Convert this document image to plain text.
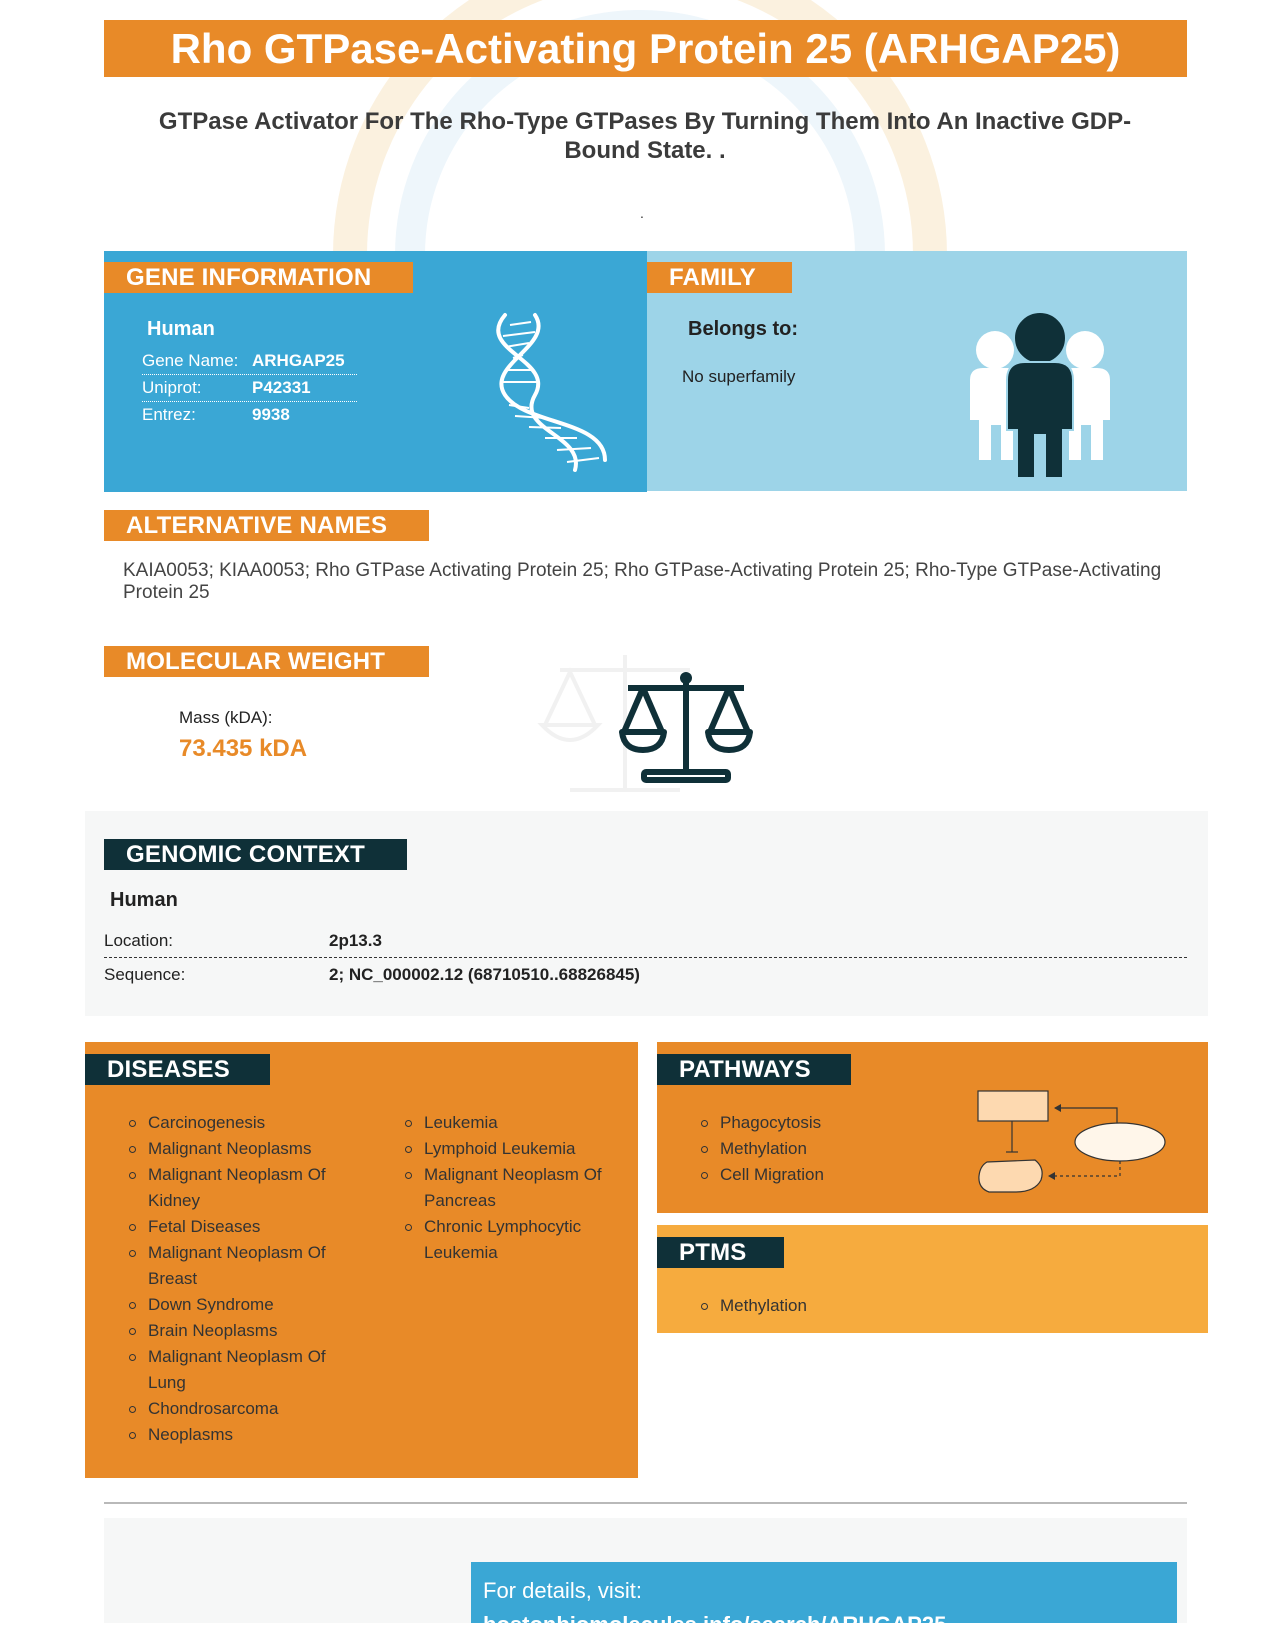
Rho GTPase-Activating Protein 25 (ARHGAP25)
GTPase Activator For The Rho-Type GTPases By Turning Them Into An Inactive GDP-Bound State. .
.
GENE INFORMATION
Human
Gene Name: ARHGAP25
Uniprot:	P42331
Entrez:	9938
FAMILY
Belongs to:
No superfamily
ALTERNATIVE NAMES
KAIA0053; KIAA0053; Rho GTPase Activating Protein 25; Rho GTPase-Activating Protein 25; Rho-Type GTPase-Activating Protein 25
MOLECULAR WEIGHT
Mass (kDA):
73.435 kDA
GENOMIC CONTEXT
Human
Location:	2p13.3
Sequence:	2; NC_000002.12 (68710510..68826845)
DISEASES
Carcinogenesis
Malignant Neoplasms
Malignant Neoplasm Of Kidney
Fetal Diseases
Malignant Neoplasm Of Breast
Down Syndrome
Brain Neoplasms
Malignant Neoplasm Of Lung
Chondrosarcoma
Neoplasms
Leukemia
Lymphoid Leukemia
Malignant Neoplasm Of Pancreas
Chronic Lymphocytic Leukemia
PATHWAYS
Phagocytosis
Methylation
Cell Migration
PTMS
Methylation
For details, visit:
bostonbiomolecules.info/search/ARHGAP25
